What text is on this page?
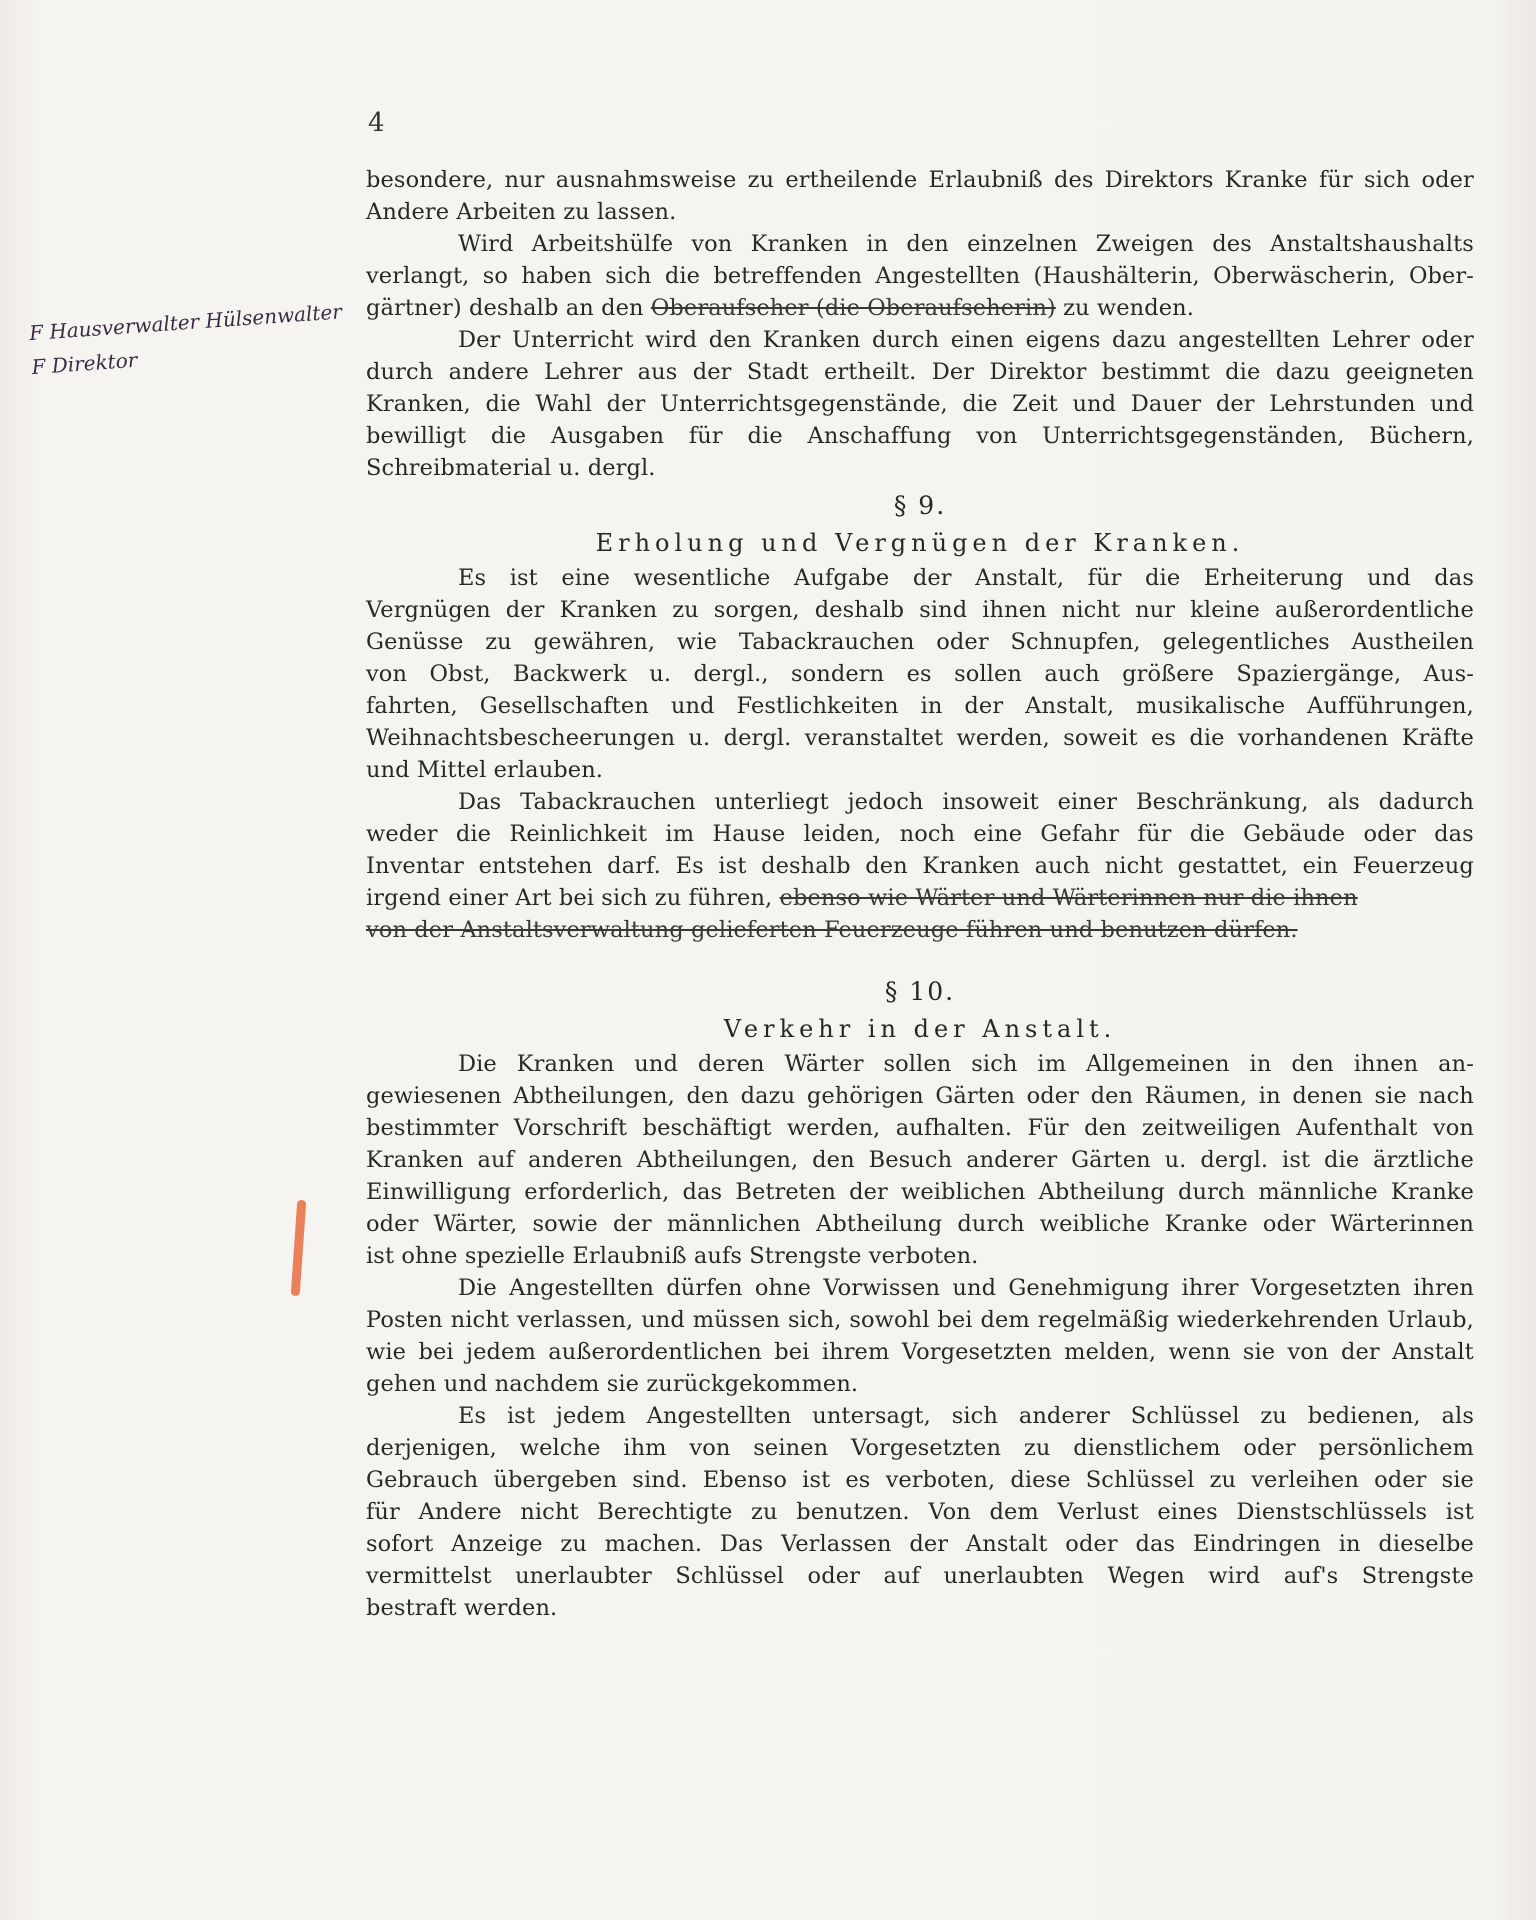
4
F Hausverwalter Hülsenwalter
F Direktor
besondere, nur ausnahmsweise zu ertheilende Erlaubniß des Direktors Kranke für sich oder
Andere Arbeiten zu lassen.
Wird Arbeitshülfe von Kranken in den einzelnen Zweigen des Anstaltshaushalts
verlangt, so haben sich die betreffenden Angestellten (Haushälterin, Oberwäscherin, Ober-
gärtner) deshalb an den
Oberaufseher (die Oberaufseherin)
zu wenden.
Der Unterricht wird den Kranken durch einen eigens dazu angestellten Lehrer oder
durch andere Lehrer aus der Stadt ertheilt. Der Direktor bestimmt die dazu geeigneten
Kranken, die Wahl der Unterrichtsgegenstände, die Zeit und Dauer der Lehrstunden und
bewilligt die Ausgaben für die Anschaffung von Unterrichtsgegenständen, Büchern,
Schreibmaterial u. dergl.
§ 9.
Erholung und Vergnügen der Kranken.
Es ist eine wesentliche Aufgabe der Anstalt, für die Erheiterung und das
Vergnügen der Kranken zu sorgen, deshalb sind ihnen nicht nur kleine außerordentliche
Genüsse zu gewähren, wie Tabackrauchen oder Schnupfen, gelegentliches Austheilen
von Obst, Backwerk u. dergl., sondern es sollen auch größere Spaziergänge, Aus-
fahrten, Gesellschaften und Festlichkeiten in der Anstalt, musikalische Aufführungen,
Weihnachtsbescheerungen u. dergl. veranstaltet werden, soweit es die vorhandenen Kräfte
und Mittel erlauben.
Das Tabackrauchen unterliegt jedoch insoweit einer Beschränkung, als dadurch
weder die Reinlichkeit im Hause leiden, noch eine Gefahr für die Gebäude oder das
Inventar entstehen darf. Es ist deshalb den Kranken auch nicht gestattet, ein Feuerzeug
irgend einer Art bei sich zu führen,
ebenso wie Wärter und Wärterinnen nur die ihnen
von der Anstaltsverwaltung gelieferten Feuerzeuge führen und benutzen dürfen.
§ 10.
Verkehr in der Anstalt.
Die Kranken und deren Wärter sollen sich im Allgemeinen in den ihnen an-
gewiesenen Abtheilungen, den dazu gehörigen Gärten oder den Räumen, in denen sie nach
bestimmter Vorschrift beschäftigt werden, aufhalten. Für den zeitweiligen Aufenthalt von
Kranken auf anderen Abtheilungen, den Besuch anderer Gärten u. dergl. ist die ärztliche
Einwilligung erforderlich, das Betreten der weiblichen Abtheilung durch männliche Kranke
oder Wärter, sowie der männlichen Abtheilung durch weibliche Kranke oder Wärterinnen
ist ohne spezielle Erlaubniß aufs Strengste verboten.
Die Angestellten dürfen ohne Vorwissen und Genehmigung ihrer Vorgesetzten ihren
Posten nicht verlassen, und müssen sich, sowohl bei dem regelmäßig wiederkehrenden Urlaub,
wie bei jedem außerordentlichen bei ihrem Vorgesetzten melden, wenn sie von der Anstalt
gehen und nachdem sie zurückgekommen.
Es ist jedem Angestellten untersagt, sich anderer Schlüssel zu bedienen, als
derjenigen, welche ihm von seinen Vorgesetzten zu dienstlichem oder persönlichem
Gebrauch übergeben sind. Ebenso ist es verboten, diese Schlüssel zu verleihen oder sie
für Andere nicht Berechtigte zu benutzen. Von dem Verlust eines Dienstschlüssels ist
sofort Anzeige zu machen. Das Verlassen der Anstalt oder das Eindringen in dieselbe
vermittelst unerlaubter Schlüssel oder auf unerlaubten Wegen wird auf's Strengste
bestraft werden.
